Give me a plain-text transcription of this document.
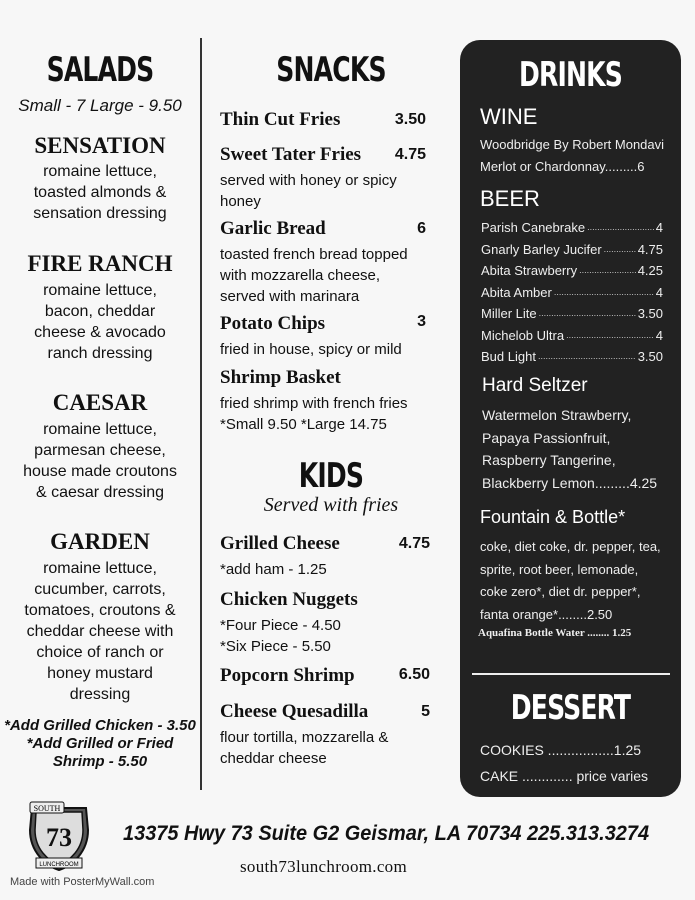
SALADS
Small - 7 Large - 9.50
SENSATION
romaine lettuce,
toasted almonds &
sensation dressing
FIRE RANCH
romaine lettuce,
bacon, cheddar
cheese & avocado
ranch dressing
CAESAR
romaine lettuce,
parmesan cheese,
house made croutons
& caesar dressing
GARDEN
romaine lettuce,
cucumber, carrots,
tomatoes, croutons &
cheddar cheese with
choice of ranch or
honey mustard
dressing
*Add Grilled Chicken - 3.50
*Add Grilled or Fried
Shrimp - 5.50
SNACKS
Thin Cut Fries	3.50
Sweet Tater Fries	4.75
served with honey or spicy
honey
Garlic Bread	6
toasted french bread topped
with mozzarella cheese,
served with marinara
Potato Chips	3
fried in house, spicy or mild
Shrimp Basket
fried shrimp with french fries
*Small 9.50 *Large 14.75
KIDS
Served with fries
Grilled Cheese	4.75
*add ham - 1.25
Chicken Nuggets
*Four Piece - 4.50
*Six Piece - 5.50
Popcorn Shrimp	6.50
Cheese Quesadilla	5
flour tortilla, mozzarella &
cheddar cheese
DRINKS
WINE
Woodbridge By Robert Mondavi
Merlot or Chardonnay.........6
BEER
Parish Canebrake .....	4
Gnarly Barley Jucifer .....	4.75
Abita Strawberry .....	4.25
Abita Amber .....	4
Miller Lite .....	3.50
Michelob Ultra .....	4
Bud Light .....	3.50
Hard Seltzer
Watermelon Strawberry,
Papaya Passionfruit,
Raspberry Tangerine,
Blackberry Lemon.........4.25
Fountain & Bottle*
coke, diet coke, dr. pepper, tea,
sprite, root beer, lemonade,
coke zero*, diet dr. pepper*,
fanta orange*........2.50
Aquafina Bottle Water ........ 1.25
DESSERT
COOKIES .................1.25
CAKE ............. price varies
SOUTH
73
LUNCHROOM
13375 Hwy 73 Suite G2 Geismar, LA 70734 225.313.3274
south73lunchroom.com
Made with PosterMyWall.com
